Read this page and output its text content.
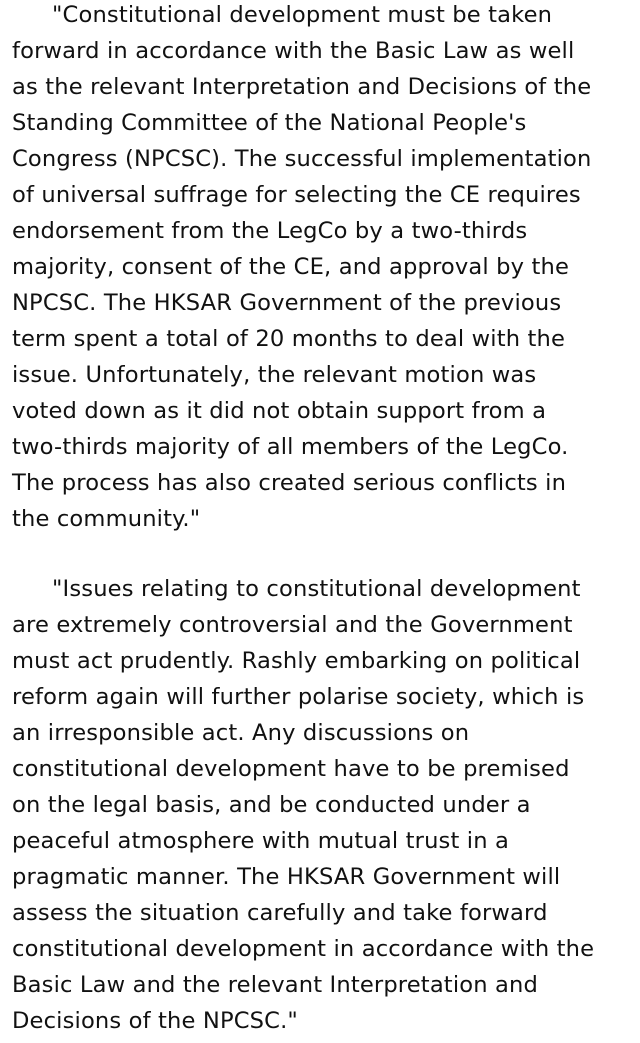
"Constitutional development must be taken
forward in accordance with the Basic Law as well
as the relevant Interpretation and Decisions of the
Standing Committee of the National People's
Congress (NPCSC). The successful implementation
of universal suffrage for selecting the CE requires
endorsement from the LegCo by a two-thirds
majority, consent of the CE, and approval by the
NPCSC. The HKSAR Government of the previous
term spent a total of 20 months to deal with the
issue. Unfortunately, the relevant motion was
voted down as it did not obtain support from a
two-thirds majority of all members of the LegCo.
The process has also created serious conflicts in
the community."
"Issues relating to constitutional development
are extremely controversial and the Government
must act prudently. Rashly embarking on political
reform again will further polarise society, which is
an irresponsible act. Any discussions on
constitutional development have to be premised
on the legal basis, and be conducted under a
peaceful atmosphere with mutual trust in a
pragmatic manner. The HKSAR Government will
assess the situation carefully and take forward
constitutional development in accordance with the
Basic Law and the relevant Interpretation and
Decisions of the NPCSC."
